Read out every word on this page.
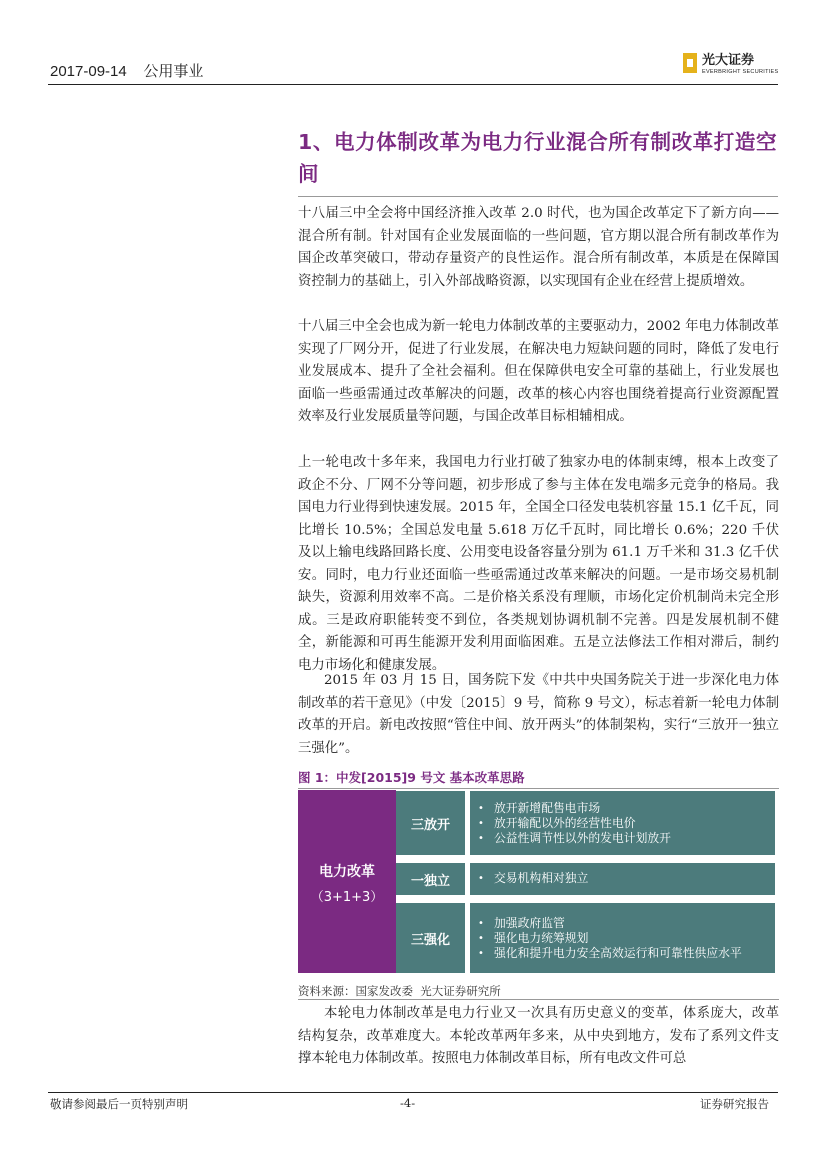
2017-09-14    公用事业
光大证券
EVERBRIGHT SECURITIES
1、电力体制改革为电力行业混合所有制改革打造空间

十八届三中全会将中国经济推入改革 2.0 时代，也为国企改革定下了新方向——混合所有制。针对国有企业发展面临的一些问题，官方期以混合所有制改革作为国企改革突破口，带动存量资产的良性运作。混合所有制改革，本质是在保障国资控制力的基础上，引入外部战略资源，以实现国有企业在经营上提质增效。

十八届三中全会也成为新一轮电力体制改革的主要驱动力，2002 年电力体制改革实现了厂网分开，促进了行业发展，在解决电力短缺问题的同时，降低了发电行业发展成本、提升了全社会福利。但在保障供电安全可靠的基础上，行业发展也面临一些亟需通过改革解决的问题，改革的核心内容也围绕着提高行业资源配置效率及行业发展质量等问题，与国企改革目标相辅相成。

上一轮电改十多年来，我国电力行业打破了独家办电的体制束缚，根本上改变了政企不分、厂网不分等问题，初步形成了参与主体在发电端多元竞争的格局。我国电力行业得到快速发展。2015 年，全国全口径发电装机容量 15.1 亿千瓦，同比增长 10.5%；全国总发电量 5.618 万亿千瓦时，同比增长 0.6%；220 千伏及以上输电线路回路长度、公用变电设备容量分别为 61.1 万千米和 31.3 亿千伏安。同时，电力行业还面临一些亟需通过改革来解决的问题。一是市场交易机制缺失，资源利用效率不高。二是价格关系没有理顺，市场化定价机制尚未完全形成。三是政府职能转变不到位，各类规划协调机制不完善。四是发展机制不健全，新能源和可再生能源开发利用面临困难。五是立法修法工作相对滞后，制约电力市场化和健康发展。

2015 年 03 月 15 日，国务院下发《中共中央国务院关于进一步深化电力体制改革的若干意见》（中发〔2015〕9 号，简称 9 号文），标志着新一轮电力体制改革的开启。新电改按照“管住中间、放开两头”的体制架构，实行“三放开一独立三强化”。

图 1：中发[2015]9 号文 基本改革思路
电力改革
（3+1+3）
三放开
• 放开新增配售电市场
• 放开输配以外的经营性电价
• 公益性调节性以外的发电计划放开
一独立
•	交易机构相对独立
三强化
• 加强政府监管
• 强化电力统筹规划
• 强化和提升电力安全高效运行和可靠性供应水平
资料来源：国家发改委  光大证券研究所

本轮电力体制改革是电力行业又一次具有历史意义的变革，体系庞大，改革结构复杂，改革难度大。本轮改革两年多来，从中央到地方，发布了系列文件支撑本轮电力体制改革。按照电力体制改革目标，所有电改文件可总

敬请参阅最后一页特别声明	-4-	证券研究报告
